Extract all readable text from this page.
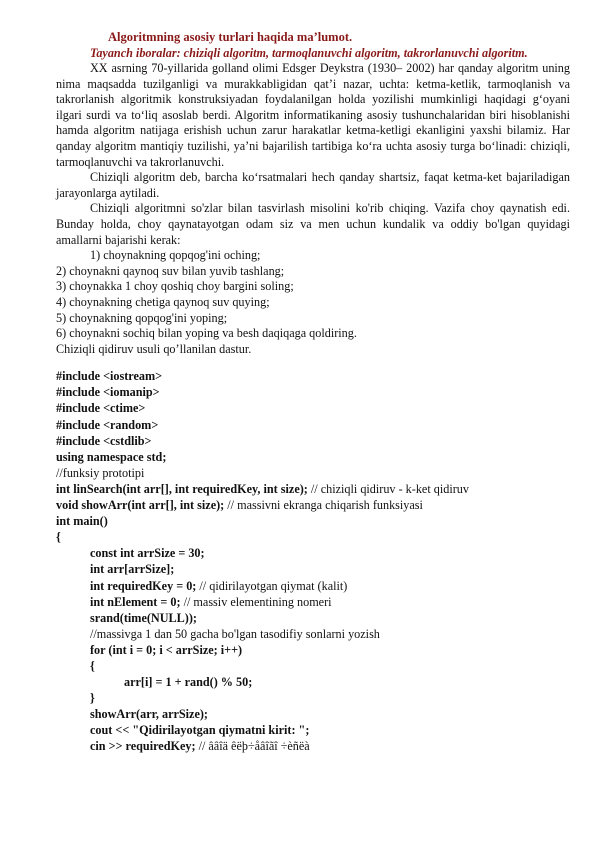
Algoritmning asosiy turlari haqida ma’lumot.

Tayanch iboralar: chiziqli algoritm, tarmoqlanuvchi algoritm, takrorlanuvchi algoritm.

XX asrning 70-yillarida golland olimi Edsger Deykstra (1930– 2002) har qanday algoritm uning nima maqsadda tuzilganligi va murakkabligidan qat’i nazar, uchta: ketma-ketlik, tarmoqlanish va takrorlanish algoritmik konstruksiyadan foydalanilgan holda yozilishi mumkinligi haqidagi g‘oyani ilgari surdi va to‘liq asoslab berdi. Algoritm informatikaning asosiy tushunchalaridan biri hisoblanishi hamda algoritm natijaga erishish uchun zarur harakatlar ketma-ketligi ekanligini yaxshi bilamiz. Har qanday algoritm mantiqiy tuzilishi, ya’ni bajarilish tartibiga ko‘ra uchta asosiy turga bo‘linadi: chiziqli, tarmoqlanuvchi va takrorlanuvchi.

Chiziqli algoritm deb, barcha ko‘rsatmalari hech qanday shartsiz, faqat ketma-ket bajariladigan jarayonlarga aytiladi.

Chiziqli algoritmni so'zlar bilan tasvirlash misolini ko'rib chiqing. Vazifa choy qaynatish edi. Bunday holda, choy qaynatayotgan odam siz va men uchun kundalik va oddiy bo'lgan quyidagi amallarni bajarishi kerak:

1) choynakning qopqog'ini oching;
2) choynakni qaynoq suv bilan yuvib tashlang;
3) choynakka 1 choy qoshiq choy bargini soling;
4) choynakning chetiga qaynoq suv quying;
5) choynakning qopqog'ini yoping;
6) choynakni sochiq bilan yoping va besh daqiqaga qoldiring.

Chiziqli qidiruv usuli qo’llanilan dastur.

#include <iostream>
#include <iomanip>
#include <ctime>
#include <random>
#include <cstdlib>
using namespace std;
//funksiy prototipi
int linSearch(int arr[], int requiredKey, int size); // chiziqli qidiruv - k-ket qidiruv
void showArr(int arr[], int size); // massivni ekranga chiqarish funksiyasi
int main()
{
const int arrSize = 30;
int arr[arrSize];
int requiredKey = 0; // qidirilayotgan qiymat (kalit)
int nElement = 0; // massiv elementining nomeri
srand(time(NULL));
//massivga 1 dan 50 gacha bo'lgan tasodifiy sonlarni yozish
for (int i = 0; i < arrSize; i++)
{
arr[i] = 1 + rand() % 50;
}
showArr(arr, arrSize);
cout << "Qidirilayotgan qiymatni kirit: ";
cin >> requiredKey; // ââîä êëþ÷åâîãî ÷èñëà
